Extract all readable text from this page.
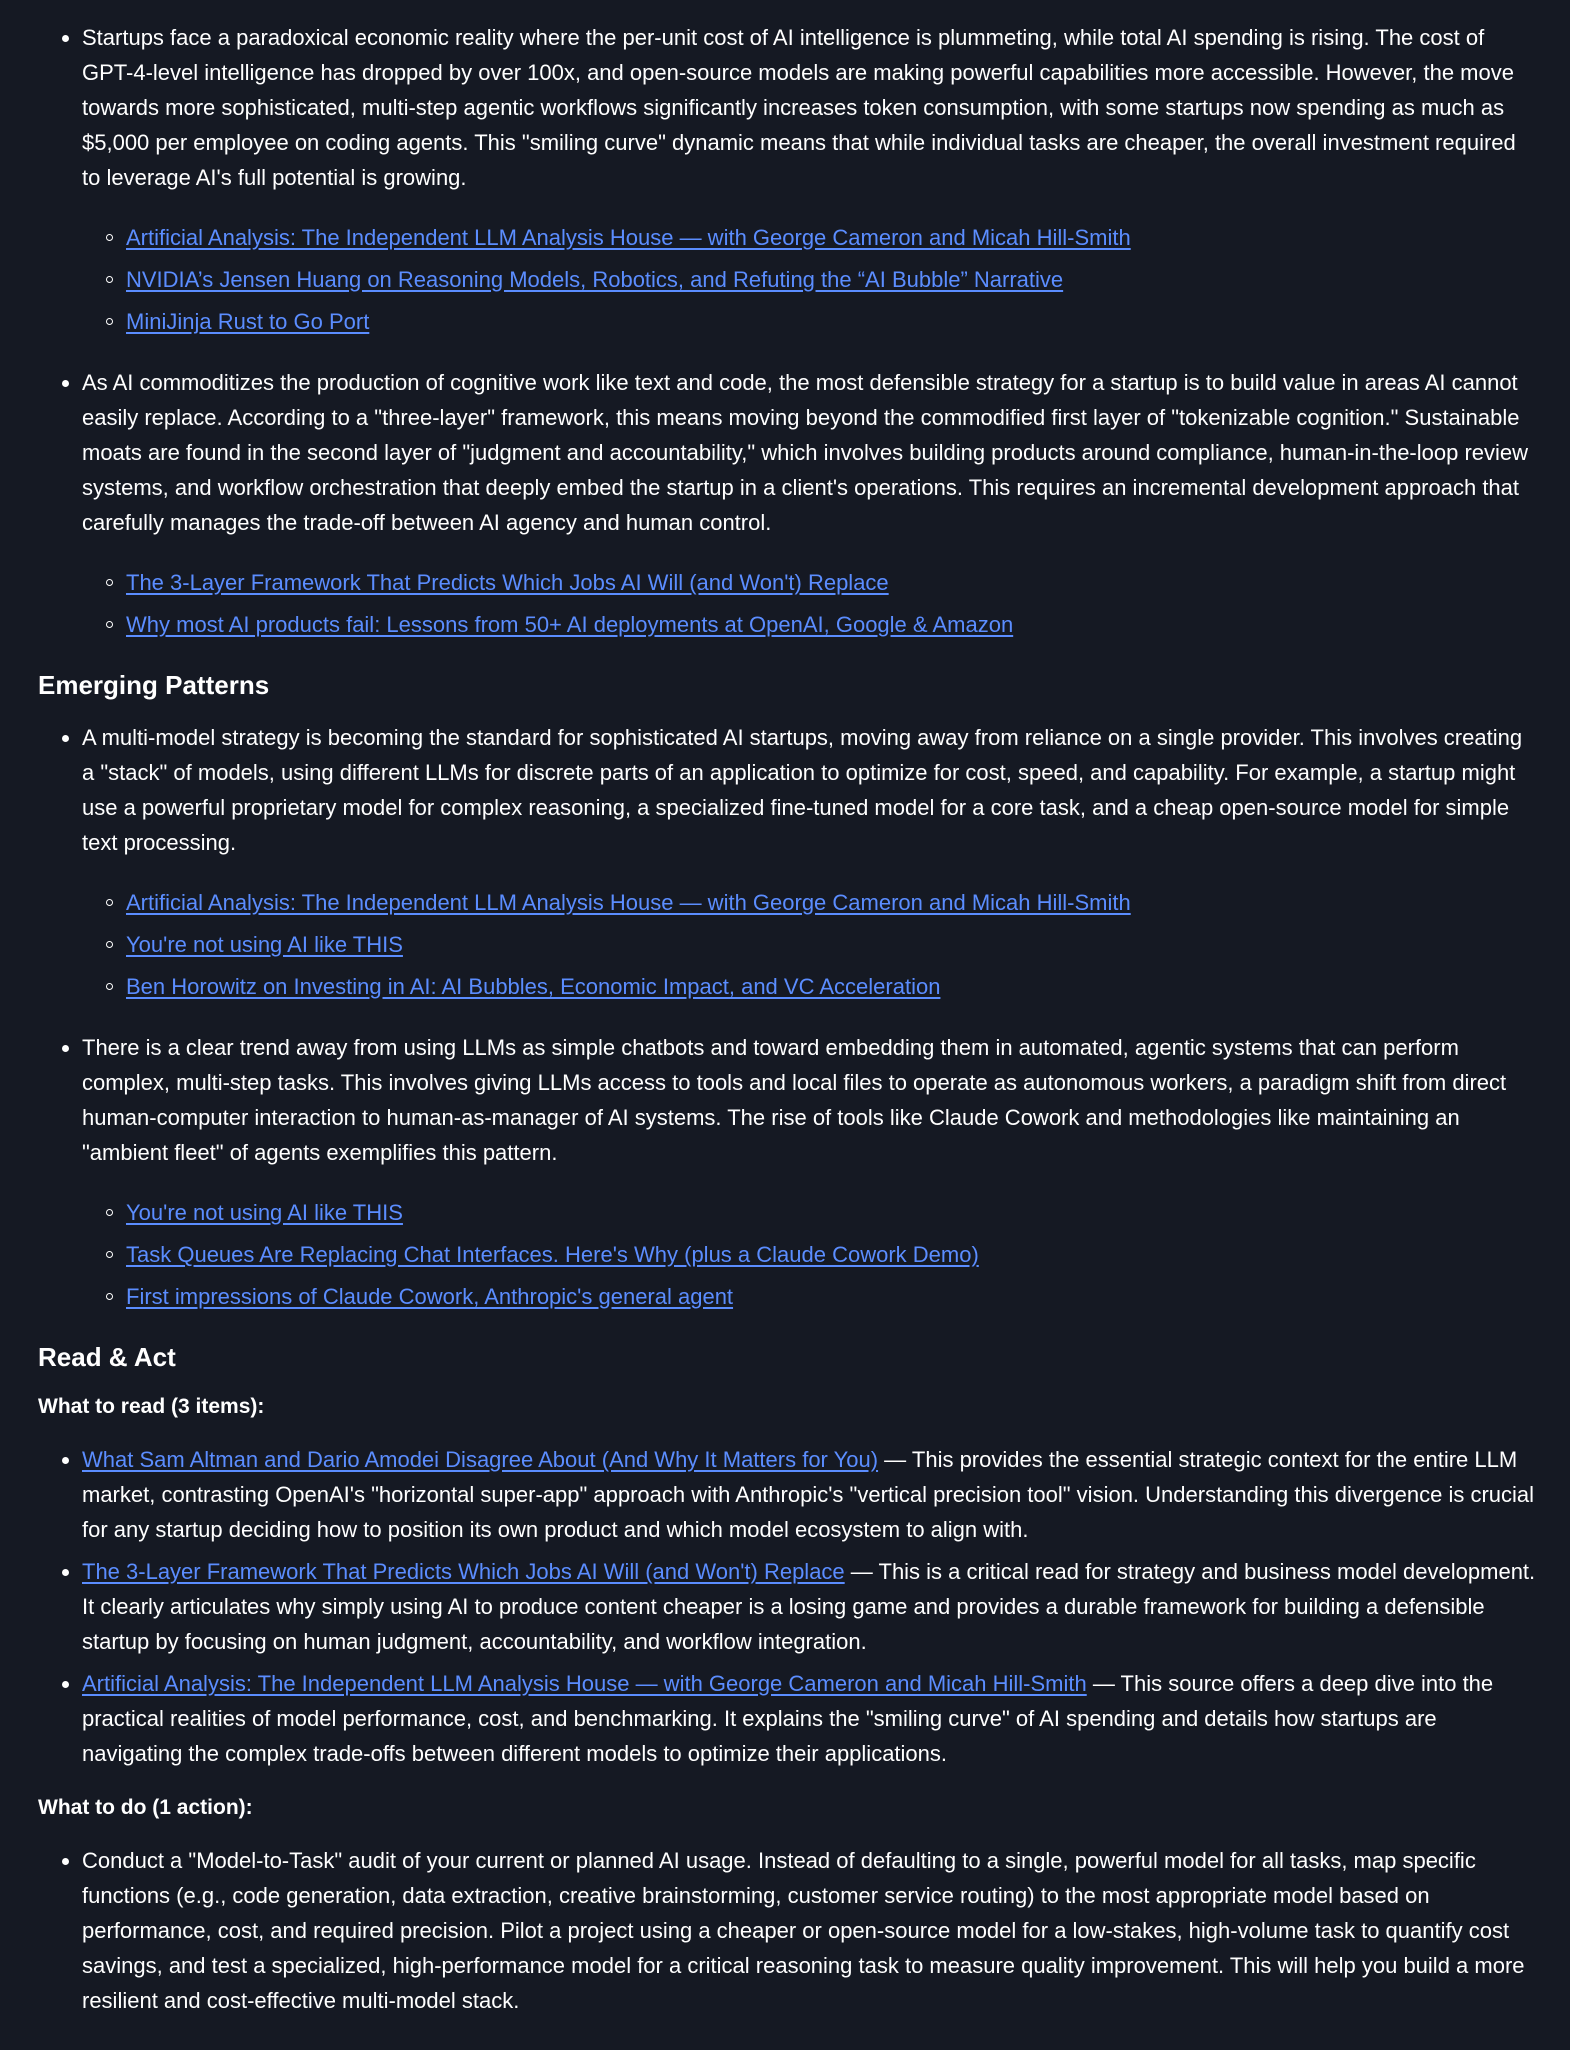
Startups face a paradoxical economic reality where the per-unit cost of AI intelligence is plummeting, while total AI spending is rising. The cost of GPT-4-level intelligence has dropped by over 100x, and open-source models are making powerful capabilities more accessible. However, the move towards more sophisticated, multi-step agentic workflows significantly increases token consumption, with some startups now spending as much as $5,000 per employee on coding agents. This "smiling curve" dynamic means that while individual tasks are cheaper, the overall investment required to leverage AI's full potential is growing.
Artificial Analysis: The Independent LLM Analysis House — with George Cameron and Micah Hill-Smith
NVIDIA’s Jensen Huang on Reasoning Models, Robotics, and Refuting the “AI Bubble” Narrative
MiniJinja Rust to Go Port
As AI commoditizes the production of cognitive work like text and code, the most defensible strategy for a startup is to build value in areas AI cannot easily replace. According to a "three-layer" framework, this means moving beyond the commodified first layer of "tokenizable cognition." Sustainable moats are found in the second layer of "judgment and accountability," which involves building products around compliance, human-in-the-loop review systems, and workflow orchestration that deeply embed the startup in a client's operations. This requires an incremental development approach that carefully manages the trade-off between AI agency and human control.
The 3-Layer Framework That Predicts Which Jobs AI Will (and Won't) Replace
Why most AI products fail: Lessons from 50+ AI deployments at OpenAI, Google & Amazon
Emerging Patterns
A multi-model strategy is becoming the standard for sophisticated AI startups, moving away from reliance on a single provider. This involves creating a "stack" of models, using different LLMs for discrete parts of an application to optimize for cost, speed, and capability. For example, a startup might use a powerful proprietary model for complex reasoning, a specialized fine-tuned model for a core task, and a cheap open-source model for simple text processing.
Artificial Analysis: The Independent LLM Analysis House — with George Cameron and Micah Hill-Smith
You're not using AI like THIS
Ben Horowitz on Investing in AI: AI Bubbles, Economic Impact, and VC Acceleration
There is a clear trend away from using LLMs as simple chatbots and toward embedding them in automated, agentic systems that can perform complex, multi-step tasks. This involves giving LLMs access to tools and local files to operate as autonomous workers, a paradigm shift from direct human-computer interaction to human-as-manager of AI systems. The rise of tools like Claude Cowork and methodologies like maintaining an "ambient fleet" of agents exemplifies this pattern.
You're not using AI like THIS
Task Queues Are Replacing Chat Interfaces. Here's Why (plus a Claude Cowork Demo)
First impressions of Claude Cowork, Anthropic's general agent
Read & Act
What to read (3 items):
What Sam Altman and Dario Amodei Disagree About (And Why It Matters for You) — This provides the essential strategic context for the entire LLM market, contrasting OpenAI's "horizontal super-app" approach with Anthropic's "vertical precision tool" vision. Understanding this divergence is crucial for any startup deciding how to position its own product and which model ecosystem to align with.
The 3-Layer Framework That Predicts Which Jobs AI Will (and Won't) Replace — This is a critical read for strategy and business model development. It clearly articulates why simply using AI to produce content cheaper is a losing game and provides a durable framework for building a defensible startup by focusing on human judgment, accountability, and workflow integration.
Artificial Analysis: The Independent LLM Analysis House — with George Cameron and Micah Hill-Smith — This source offers a deep dive into the practical realities of model performance, cost, and benchmarking. It explains the "smiling curve" of AI spending and details how startups are navigating the complex trade-offs between different models to optimize their applications.
What to do (1 action):
Conduct a "Model-to-Task" audit of your current or planned AI usage. Instead of defaulting to a single, powerful model for all tasks, map specific functions (e.g., code generation, data extraction, creative brainstorming, customer service routing) to the most appropriate model based on performance, cost, and required precision. Pilot a project using a cheaper or open-source model for a low-stakes, high-volume task to quantify cost savings, and test a specialized, high-performance model for a critical reasoning task to measure quality improvement. This will help you build a more resilient and cost-effective multi-model stack.
